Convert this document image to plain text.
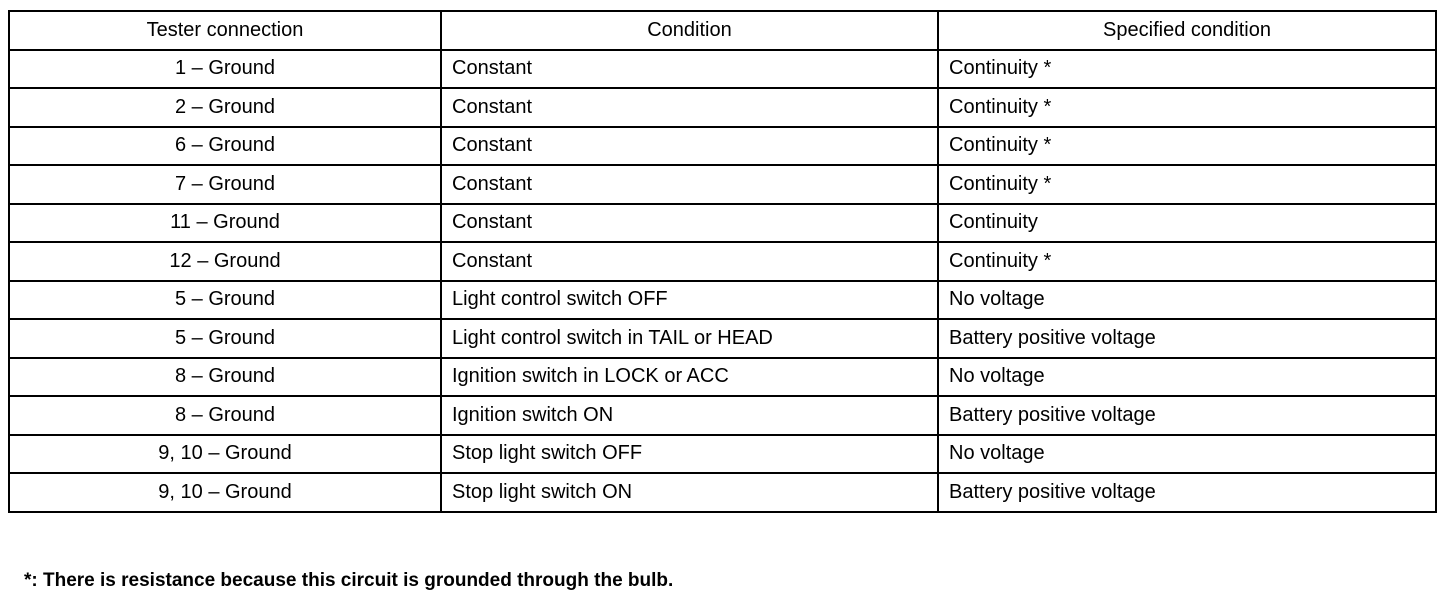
Tester connection	Condition	Specified condition
1 – Ground	Constant	Continuity *
2 – Ground	Constant	Continuity *
6 – Ground	Constant	Continuity *
7 – Ground	Constant	Continuity *
11 – Ground	Constant	Continuity
12 – Ground	Constant	Continuity *
5 – Ground	Light control switch OFF	No voltage
5 – Ground	Light control switch in TAIL or HEAD	Battery positive voltage
8 – Ground	Ignition switch in LOCK or ACC	No voltage
8 – Ground	Ignition switch ON	Battery positive voltage
9, 10 – Ground	Stop light switch OFF	No voltage
9, 10 – Ground	Stop light switch ON	Battery positive voltage
*: There is resistance because this circuit is grounded through the bulb.
